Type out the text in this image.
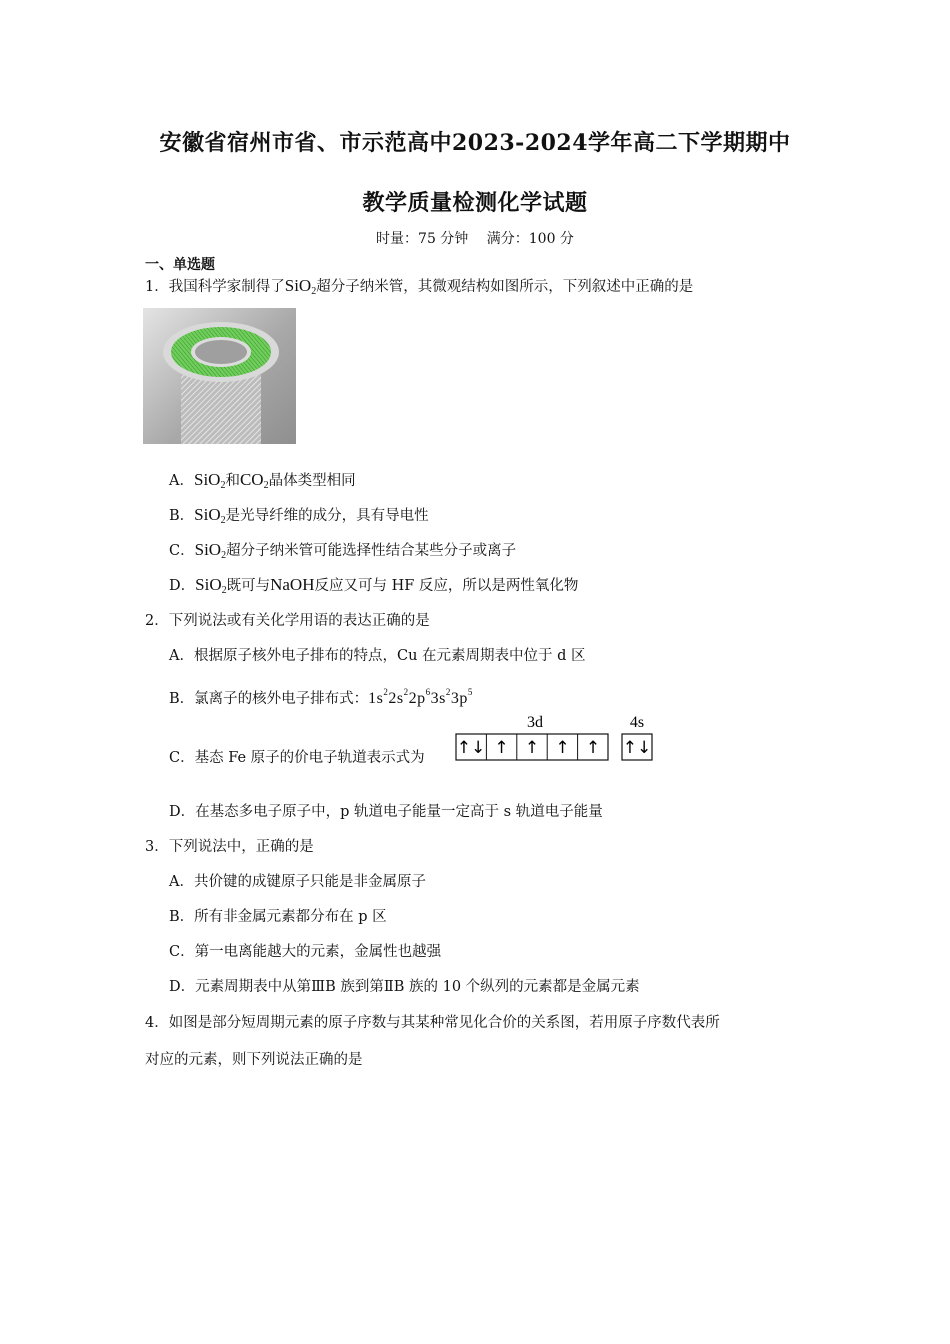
安徽省宿州市省、市示范高中2023-2024学年高二下学期期中
教学质量检测化学试题
时量：75 分钟 满分：100 分
一、单选题
1．我国科学家制得了SiO$_2$超分子纳米管，其微观结构如图所示，下列叙述中正确的是
A．SiO$_2$和$CO_2$晶体类型相同
B．SiO$_2$是光导纤维的成分，具有导电性
C．SiO$_2$超分子纳米管可能选择性结合某些分子或离子
D．SiO$_2$既可与NaOH反应又可与 HF 反应，所以是两性氧化物
2．下列说法或有关化学用语的表达正确的是
A．根据原子核外电子排布的特点，Cu 在元素周期表中位于 d 区
B．氯离子的核外电子排布式：$1s^22s^22p^63s^23p^5$
C．基态 Fe 原子的价电子轨道表示式为
3d	4s
↑↓ ↑ ↑ ↑ ↑ ↑↓
D．在基态多电子原子中，p 轨道电子能量一定高于 s 轨道电子能量
3．下列说法中，正确的是
A．共价键的成键原子只能是非金属原子
B．所有非金属元素都分布在 p 区
C．第一电离能越大的元素，金属性也越强
D．元素周期表中从第ⅢB 族到第ⅡB 族的 10 个纵列的元素都是金属元素
4．如图是部分短周期元素的原子序数与其某种常见化合价的关系图，若用原子序数代表所
对应的元素，则下列说法正确的是
